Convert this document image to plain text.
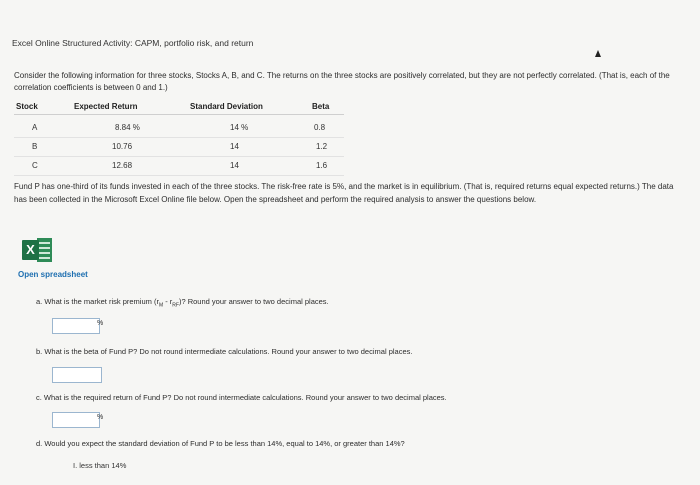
Excel Online Structured Activity: CAPM, portfolio risk, and return
Consider the following information for three stocks, Stocks A, B, and C. The returns on the three stocks are positively correlated, but they are not perfectly correlated. (That is, each of the correlation coefficients is between 0 and 1.)
Stock	Expected Return	Standard Deviation	Beta
A	8.84 %	14 %	0.8
B	10.76	14	1.2
C	12.68	14	1.6
Fund P has one-third of its funds invested in each of the three stocks. The risk-free rate is 5%, and the market is in equilibrium. (That is, required returns equal expected returns.) The data has been collected in the Microsoft Excel Online file below. Open the spreadsheet and perform the required analysis to answer the questions below.
X
Open spreadsheet
a. What is the market risk premium $(r_M - r_{RF})$? Round your answer to two decimal places.
%
b. What is the beta of Fund P? Do not round intermediate calculations. Round your answer to two decimal places.
c. What is the required return of Fund P? Do not round intermediate calculations. Round your answer to two decimal places.
%
d. Would you expect the standard deviation of Fund P to be less than 14%, equal to 14%, or greater than 14%?
I. less than 14%
